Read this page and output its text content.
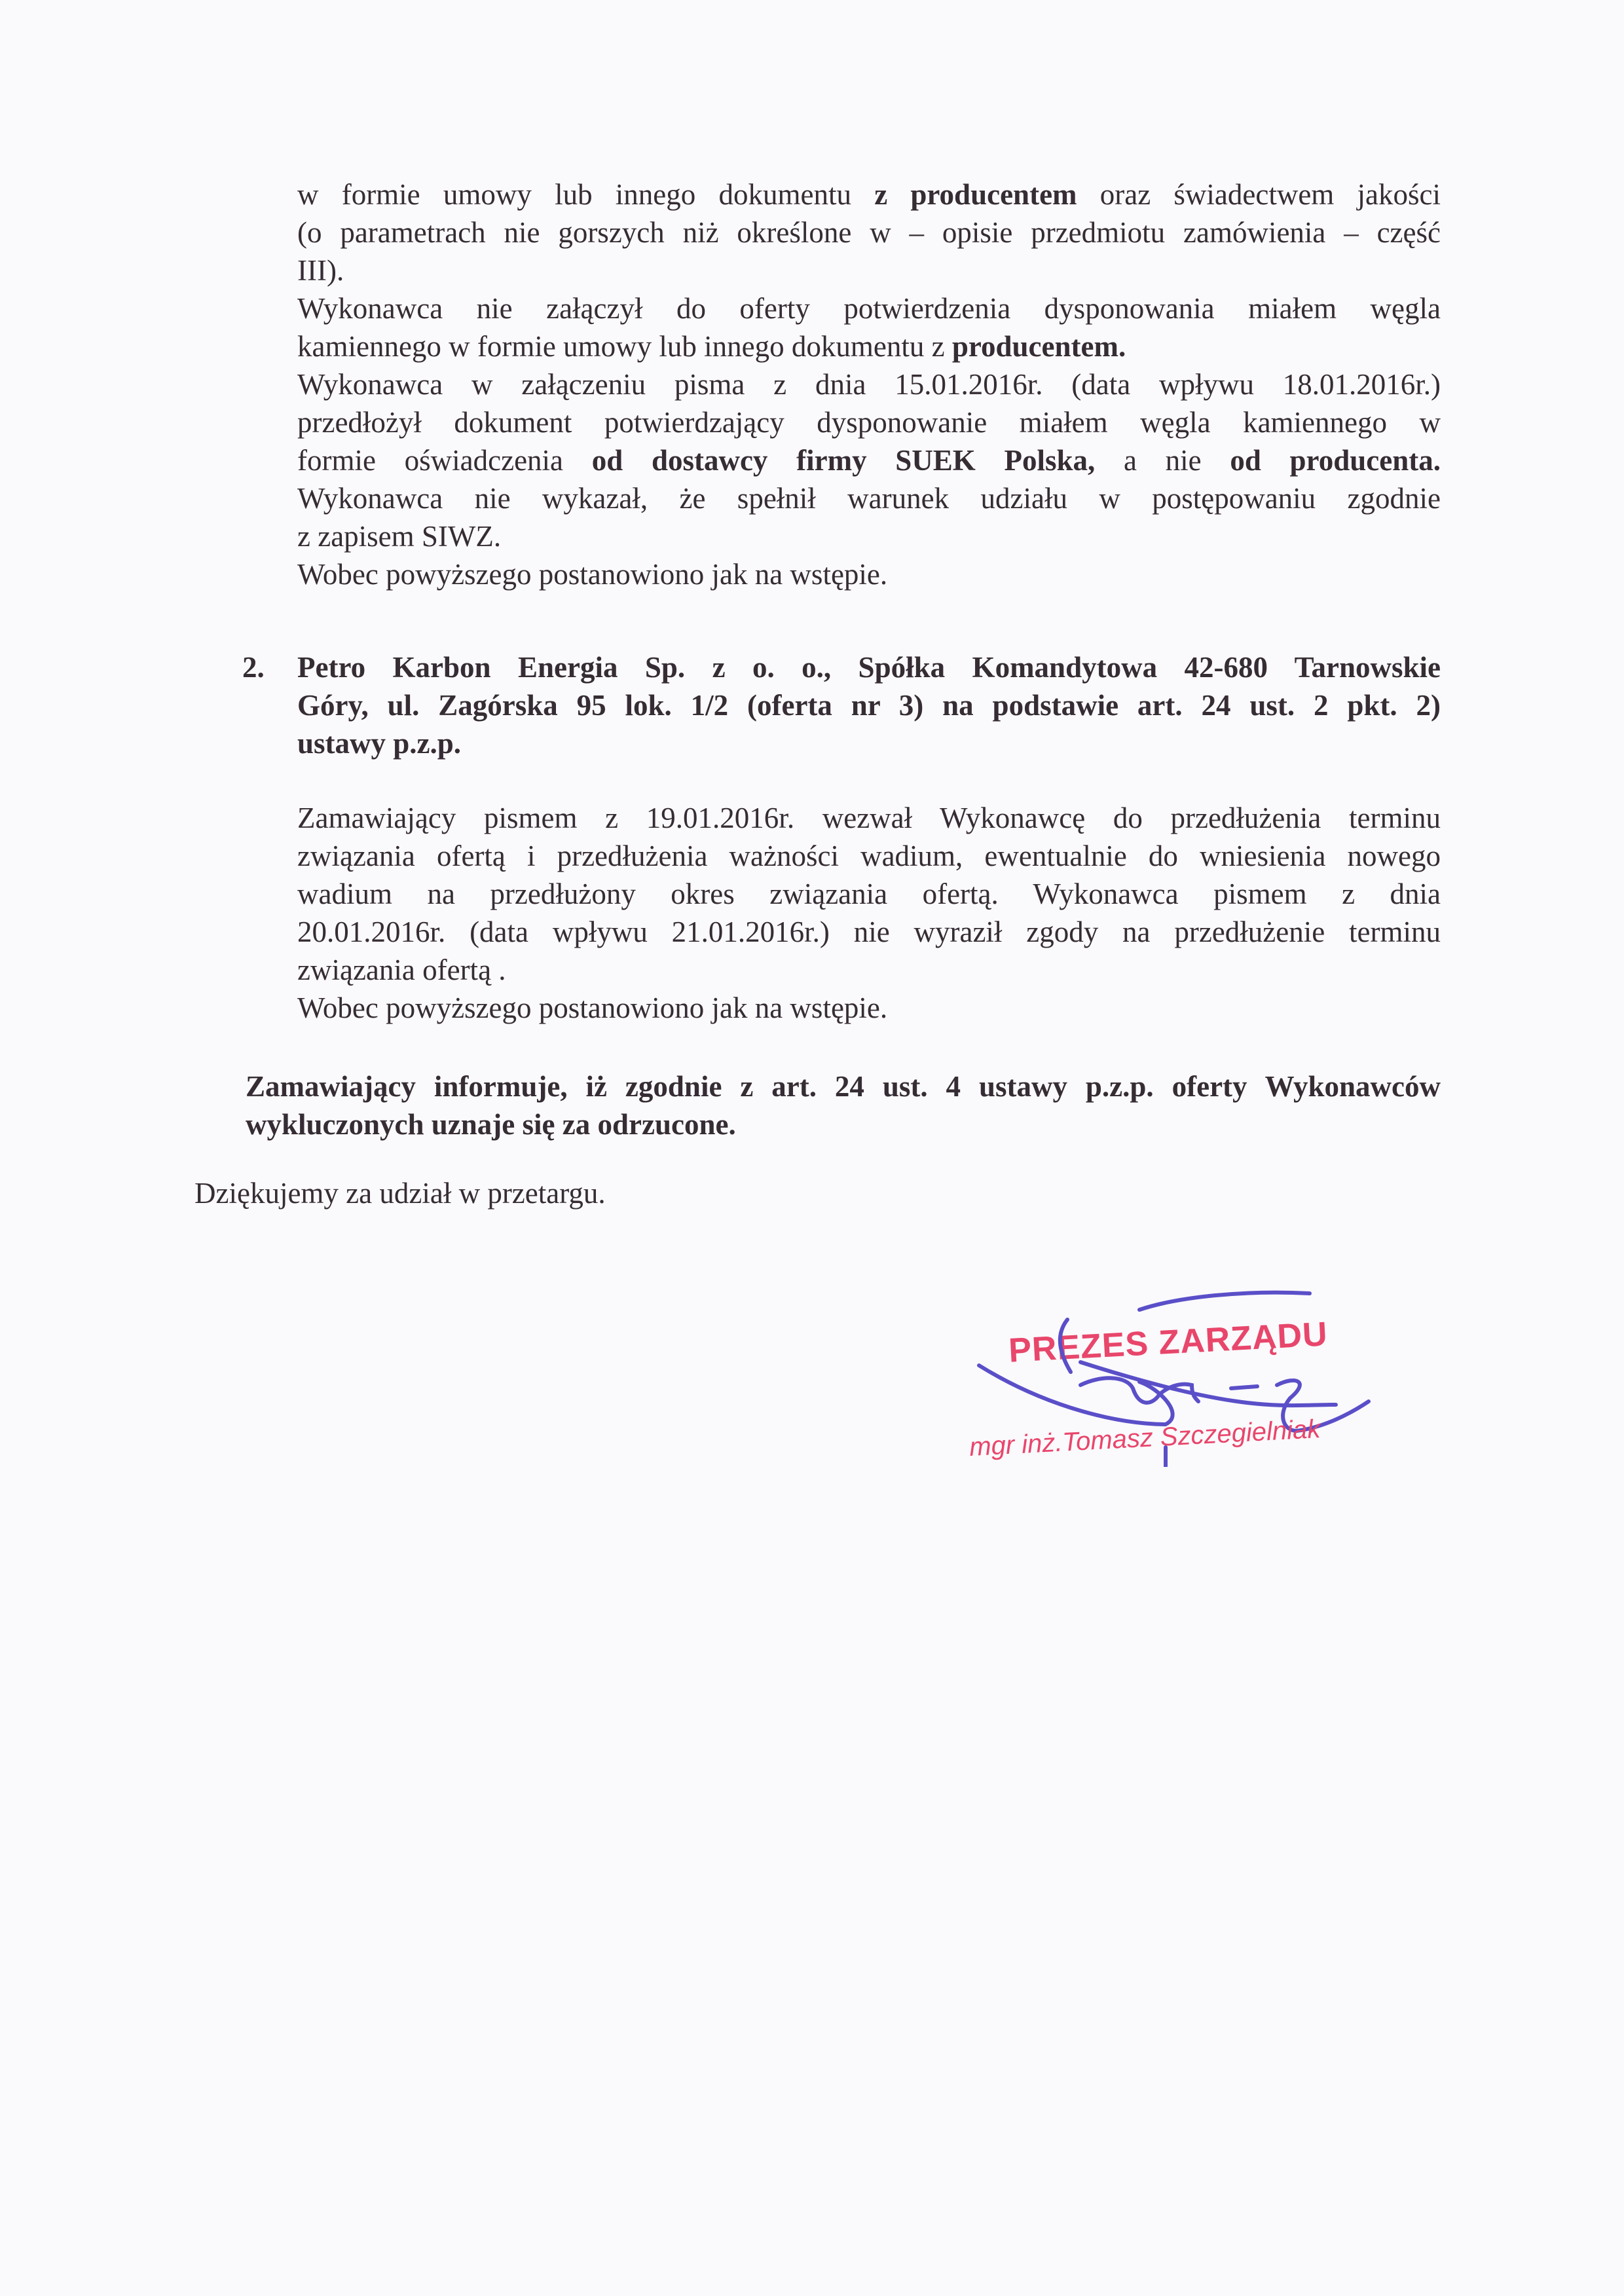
w formie umowy lub innego dokumentu z producentem oraz świadectwem jakości
(o parametrach nie gorszych niż określone w – opisie przedmiotu zamówienia – część
III).
Wykonawca nie załączył do oferty potwierdzenia dysponowania miałem węgla
kamiennego w formie umowy lub innego dokumentu z producentem.
Wykonawca w załączeniu pisma z dnia 15.01.2016r. (data wpływu 18.01.2016r.)
przedłożył dokument potwierdzający dysponowanie miałem węgla kamiennego w
formie oświadczenia od dostawcy firmy SUEK Polska, a nie od producenta.
Wykonawca nie wykazał, że spełnił warunek udziału w postępowaniu zgodnie
z zapisem SIWZ.
Wobec powyższego postanowiono jak na wstępie.
2. Petro Karbon Energia Sp. z o. o., Spółka Komandytowa 42-680 Tarnowskie
Góry, ul. Zagórska 95 lok. 1/2 (oferta nr 3) na podstawie art. 24 ust. 2 pkt. 2)
ustawy p.z.p.
Zamawiający pismem z 19.01.2016r. wezwał Wykonawcę do przedłużenia terminu
związania ofertą i przedłużenia ważności wadium, ewentualnie do wniesienia nowego
wadium na przedłużony okres związania ofertą. Wykonawca pismem z dnia
20.01.2016r. (data wpływu 21.01.2016r.) nie wyraził zgody na przedłużenie terminu
związania ofertą .
Wobec powyższego postanowiono jak na wstępie.
Zamawiający informuje, iż zgodnie z art. 24 ust. 4 ustawy p.z.p. oferty Wykonawców
wykluczonych uznaje się za odrzucone.
Dziękujemy za udział w przetargu.
PREZES ZARZĄDU
mgr inż.Tomasz Szczegielniak
